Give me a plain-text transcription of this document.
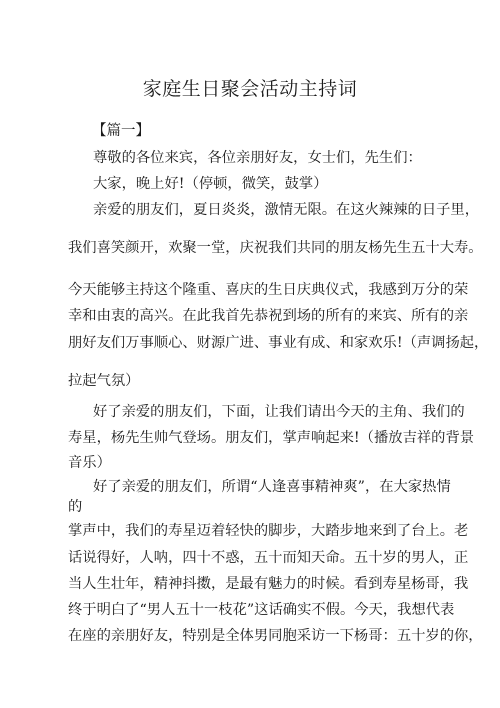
家庭生日聚会活动主持词
【篇一】
尊敬的各位来宾，各位亲朋好友，女士们，先生们：
大家，晚上好!（停顿，微笑，鼓掌）
亲爱的朋友们，夏日炎炎，激情无限。在这火辣辣的日子里，
我们喜笑颜开，欢聚一堂，庆祝我们共同的朋友杨先生五十大寿。
今天能够主持这个隆重、喜庆的生日庆典仪式，我感到万分的荣
幸和由衷的高兴。在此我首先恭祝到场的所有的来宾、所有的亲
朋好友们万事顺心、财源广进、事业有成、和家欢乐!（声调扬起，
拉起气氛）
好了亲爱的朋友们，下面，让我们请出今天的主角、我们的
寿星，杨先生帅气登场。朋友们，掌声响起来!（播放吉祥的背景
音乐）
好了亲爱的朋友们，所谓“人逢喜事精神爽”，在大家热情
的
掌声中，我们的寿星迈着轻快的脚步，大踏步地来到了台上。老
话说得好，人呐，四十不惑，五十而知天命。五十岁的男人，正
当人生壮年，精神抖擞，是最有魅力的时候。看到寿星杨哥，我
终于明白了“男人五十一枝花”这话确实不假。今天，我想代表
在座的亲朋好友，特别是全体男同胞采访一下杨哥：五十岁的你，
